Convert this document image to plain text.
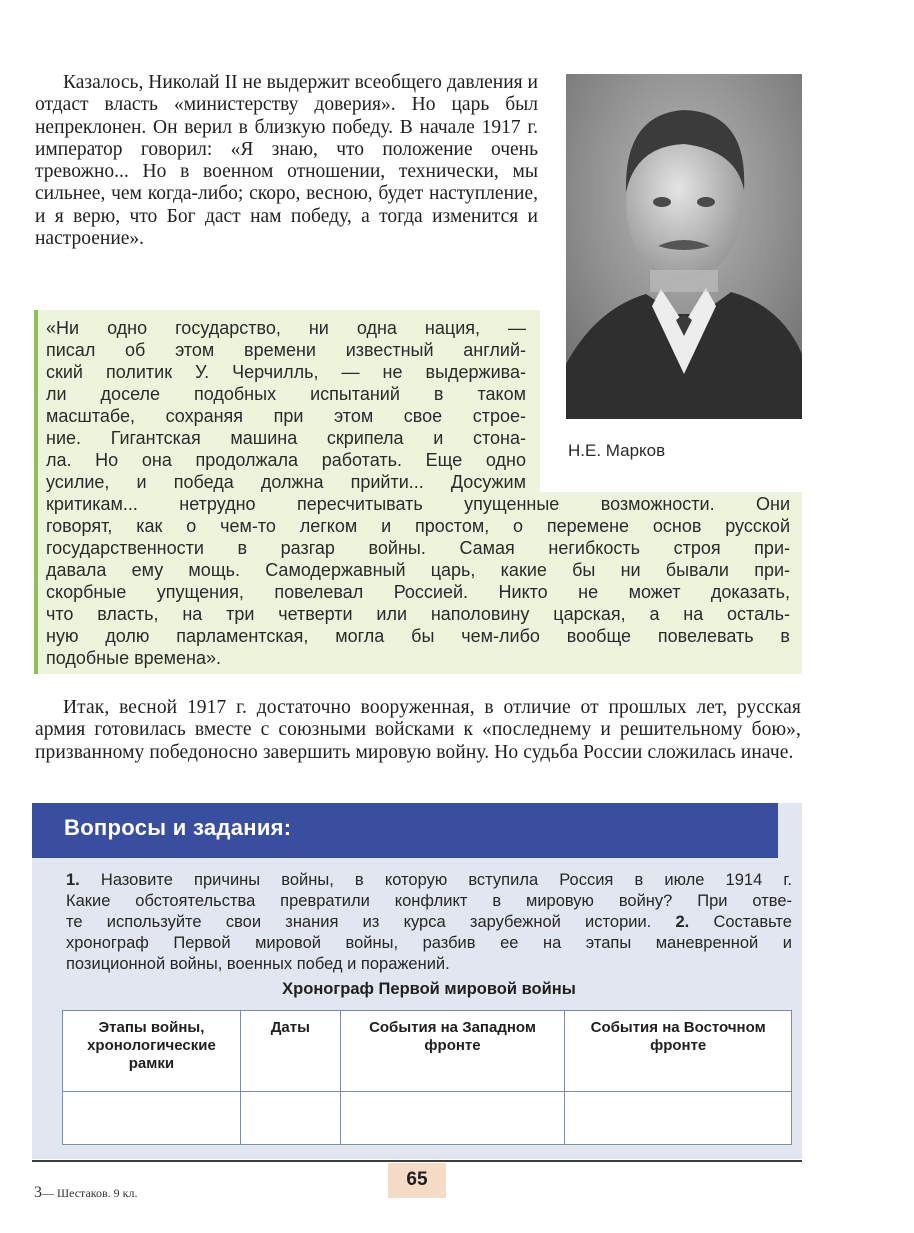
Казалось, Николай II не выдержит всеобщего давления и отдаст власть «министерству доверия». Но царь был непреклонен. Он верил в близкую победу. В начале 1917 г. император говорил: «Я знаю, что положение очень тревожно... Но в военном отношении, технически, мы сильнее, чем когда-либо; скоро, весною, будет наступление, и я верю, что Бог даст нам победу, а тогда изменится и настроение».

Н.Е. Марков

«Ни одно государство, ни одна нация, —

писал об этом времени известный англий-

ский политик У. Черчилль, — не выдержива-

ли доселе подобных испытаний в таком

масштабе, сохраняя при этом свое строе-

ние. Гигантская машина скрипела и стона-

ла. Но она продолжала работать. Еще одно

усилие, и победа должна прийти... Досужим

критикам... нетрудно пересчитывать упущенные возможности. Они

говорят, как о чем-то легком и простом, о перемене основ русской

государственности в разгар войны. Самая негибкость строя при-

давала ему мощь. Самодержавный царь, какие бы ни бывали при-

скорбные упущения, повелевал Россией. Никто не может доказать,

что власть, на три четверти или наполовину царская, а на осталь-

ную долю парламентская, могла бы чем-либо вообще повелевать в

подобные времена».

Итак, весной 1917 г. достаточно вооруженная, в отличие от прошлых лет, русская армия готовилась вместе с союзными войсками к «последнему и решительному бою», призванному победоносно завершить мировую войну. Но судьба России сложилась иначе.

Вопросы и задания:

1. Назовите причины войны, в которую вступила Россия в июле 1914 г.

Какие обстоятельства превратили конфликт в мировую войну? При отве-

те используйте свои знания из курса зарубежной истории. 2. Составьте

хронограф Первой мировой войны, разбив ее на этапы маневренной и

позиционной войны, военных побед и поражений.

Хронограф Первой мировой войны
Этапы войны, хронологические рамки	Даты	События на Западном фронте	События на Восточном фронте

65
3— Шестаков. 9 кл.
